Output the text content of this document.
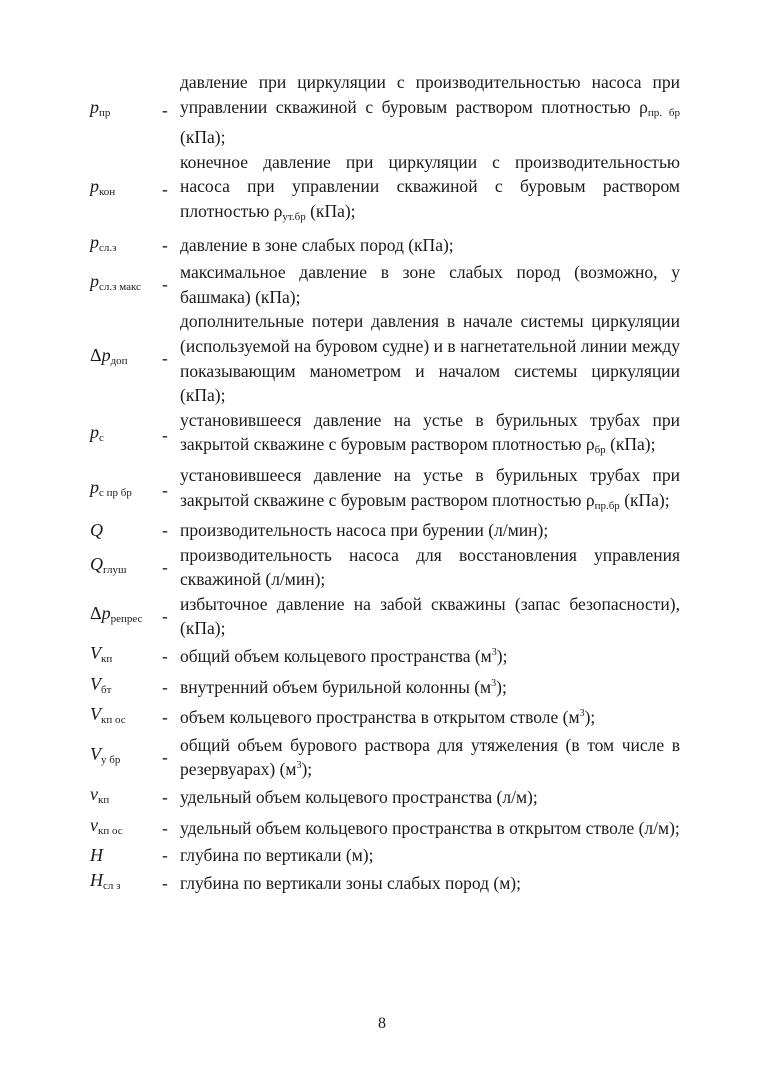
$p_{пр}$	-
давление при циркуляции с производительностью насоса при управлении скважиной с буровым раствором плотностью $\rho_{пр. бр}$ (кПа);
$p_{кон}$	-
конечное давление при циркуляции с производительностью насоса при управлении скважиной с буровым раствором плотностью $\rho_{ут.бр}$ (кПа);
$p_{сл.з}$	- давление в зоне слабых пород (кПа);
$p_{сл.з макс}$	-
максимальное давление в зоне слабых пород (возможно, у башмака) (кПа);
$\Delta p_{доп}$	-
дополнительные потери давления в начале системы циркуляции (используемой на буровом судне) и в нагнетательной линии между показывающим манометром и началом системы циркуляции (кПа);
$p_с$	-
установившееся давление на устье в бурильных трубах при закрытой скважине с буровым раствором плотностью $\rho_{бр}$ (кПа);
$p_{с пр бр}$	-
установившееся давление на устье в бурильных трубах при закрытой скважине с буровым раствором плотностью $\rho_{пр.бр}$ (кПа);
Q	- производительность насоса при бурении (л/мин);
$Q_{глуш}$	-
производительность насоса для восстановления управления скважиной (л/мин);
$\Delta p_{репрес}$	-
избыточное давление на забой скважины (запас безопасности), (кПа);
$V_{кп}$	- общий объем кольцевого пространства $(м^3)$;
$V_{бт}$	- внутренний объем бурильной колонны $(м^3)$;
$V_{кп ос}$	- объем кольцевого пространства в открытом стволе $(м^3)$;
$V_{у бр}$	-
общий объем бурового раствора для утяжеления (в том числе в резервуарах) $(м^3)$;
$v_{кп}$	- удельный объем кольцевого пространства (л/м);
$v_{кп ос}$	- удельный объем кольцевого пространства в открытом стволе (л/м);
H	- глубина по вертикали (м);
$H_{сл з}$	- глубина по вертикали зоны слабых пород (м);
8
